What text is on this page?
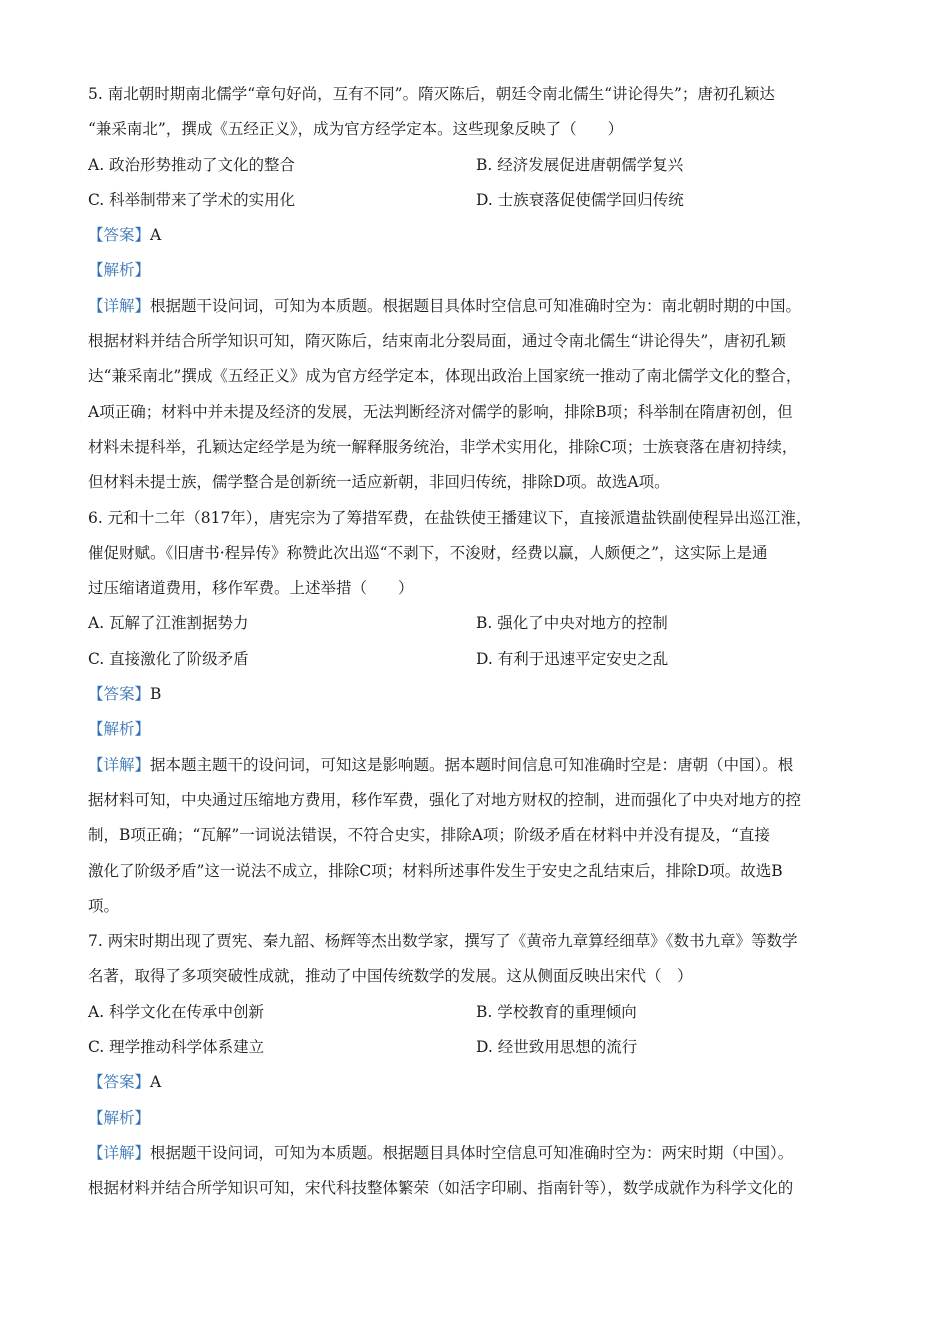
5. 南北朝时期南北儒学“章句好尚，互有不同”。隋灭陈后，朝廷令南北儒生“讲论得失”；唐初孔颖达
“兼采南北”，撰成《五经正义》，成为官方经学定本。这些现象反映了（　　）
A. 政治形势推动了文化的整合	B. 经济发展促进唐朝儒学复兴
C. 科举制带来了学术的实用化	D. 士族衰落促使儒学回归传统
【答案】A
【解析】
【详解】根据题干设问词，可知为本质题。根据题目具体时空信息可知准确时空为：南北朝时期的中国。
根据材料并结合所学知识可知，隋灭陈后，结束南北分裂局面，通过令南北儒生“讲论得失”，唐初孔颖
达“兼采南北”撰成《五经正义》成为官方经学定本，体现出政治上国家统一推动了南北儒学文化的整合，
A项正确；材料中并未提及经济的发展，无法判断经济对儒学的影响，排除B项；科举制在隋唐初创，但
材料未提科举，孔颖达定经学是为统一解释服务统治，非学术实用化，排除C项；士族衰落在唐初持续，
但材料未提士族，儒学整合是创新统一适应新朝，非回归传统，排除D项。故选A项。
6. 元和十二年（817年），唐宪宗为了筹措军费，在盐铁使王播建议下，直接派遣盐铁副使程异出巡江淮，
催促财赋。《旧唐书·程异传》称赞此次出巡“不剥下，不浚财，经费以赢，人颇便之”，这实际上是通
过压缩诸道费用，移作军费。上述举措（　　）
A. 瓦解了江淮割据势力	B. 强化了中央对地方的控制
C. 直接激化了阶级矛盾	D. 有利于迅速平定安史之乱
【答案】B
【解析】
【详解】据本题主题干的设问词，可知这是影响题。据本题时间信息可知准确时空是：唐朝（中国）。根
据材料可知，中央通过压缩地方费用，移作军费，强化了对地方财权的控制，进而强化了中央对地方的控
制，B项正确；“瓦解”一词说法错误，不符合史实，排除A项；阶级矛盾在材料中并没有提及，“直接
激化了阶级矛盾”这一说法不成立，排除C项；材料所述事件发生于安史之乱结束后，排除D项。故选B
项。
7. 两宋时期出现了贾宪、秦九韶、杨辉等杰出数学家，撰写了《黄帝九章算经细草》《数书九章》等数学
名著，取得了多项突破性成就，推动了中国传统数学的发展。这从侧面反映出宋代（　）
A. 科学文化在传承中创新	B. 学校教育的重理倾向
C. 理学推动科学体系建立	D. 经世致用思想的流行
【答案】A
【解析】
【详解】根据题干设问词，可知为本质题。根据题目具体时空信息可知准确时空为：两宋时期（中国）。
根据材料并结合所学知识可知，宋代科技整体繁荣（如活字印刷、指南针等），数学成就作为科学文化的
